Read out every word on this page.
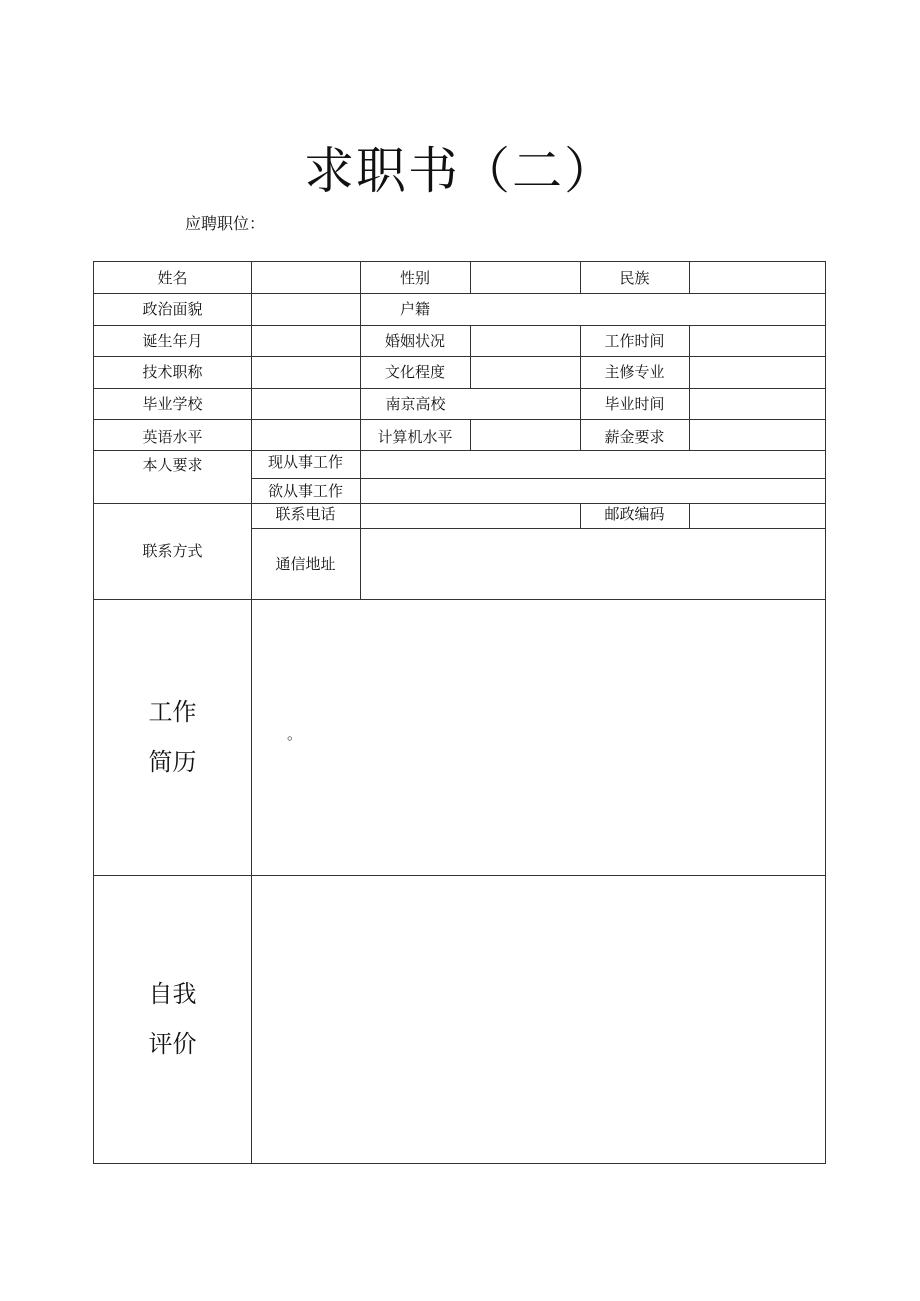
求职书（二）
应聘职位：
姓名	性别	民族
政治面貌	户籍
诞生年月	婚姻状况	工作时间
技术职称	文化程度	主修专业
毕业学校	南京高校	毕业时间
英语水平	计算机水平	薪金要求
本人要求	现从事工作
欲从事工作
联系方式
联系电话	邮政编码
通信地址
工作
简历
。
自我
评价
